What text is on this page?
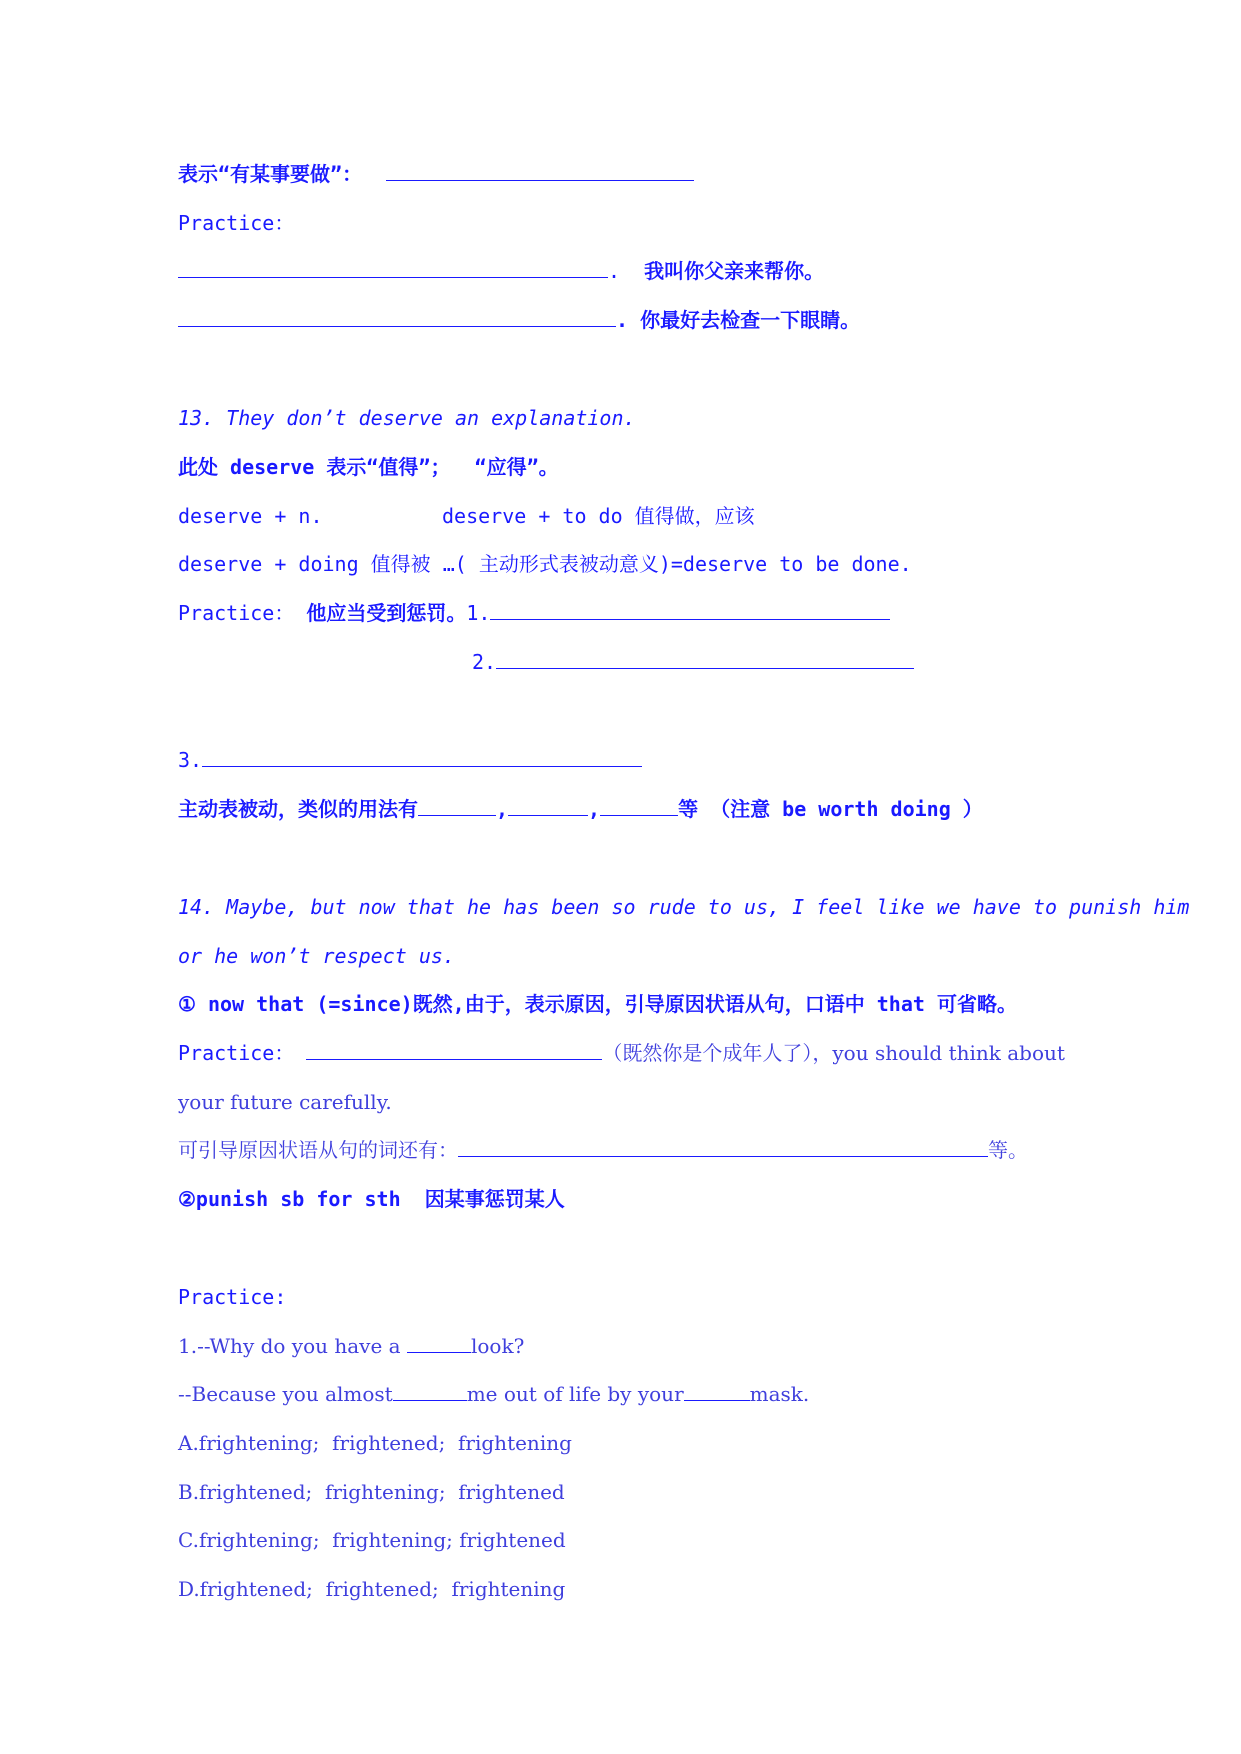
表示“有某事要做”：
Practice：
. 我叫你父亲来帮你。
. 你最好去检查一下眼睛。
13. They don’t deserve an explanation.
此处 deserve 表示“值得”；  “应得”。
deserve + n.	deserve + to do 值得做，应该
deserve + doing 值得被 …( 主动形式表被动意义)=deserve to be done.
Practice： 他应当受到惩罚。1.
2.
3.
主动表被动，类似的用法有	,	,	等 （注意 be worth doing ）
14. Maybe, but now that he has been so rude to us, I feel like we have to punish him
or he won’t respect us.
① now that (=since)既然,由于，表示原因，引导原因状语从句，口语中 that 可省略。
Practice：	（既然你是个成年人了），you should think about
your future carefully.
可引导原因状语从句的词还有：	等。
②punish sb for sth  因某事惩罚某人
Practice:
1.--Why do you have a	look?
--Because you almost	me out of life by your	mask.
A.frightening;  frightened;  frightening
B.frightened;  frightening;  frightened
C.frightening;  frightening; frightened
D.frightened;  frightened;  frightening
